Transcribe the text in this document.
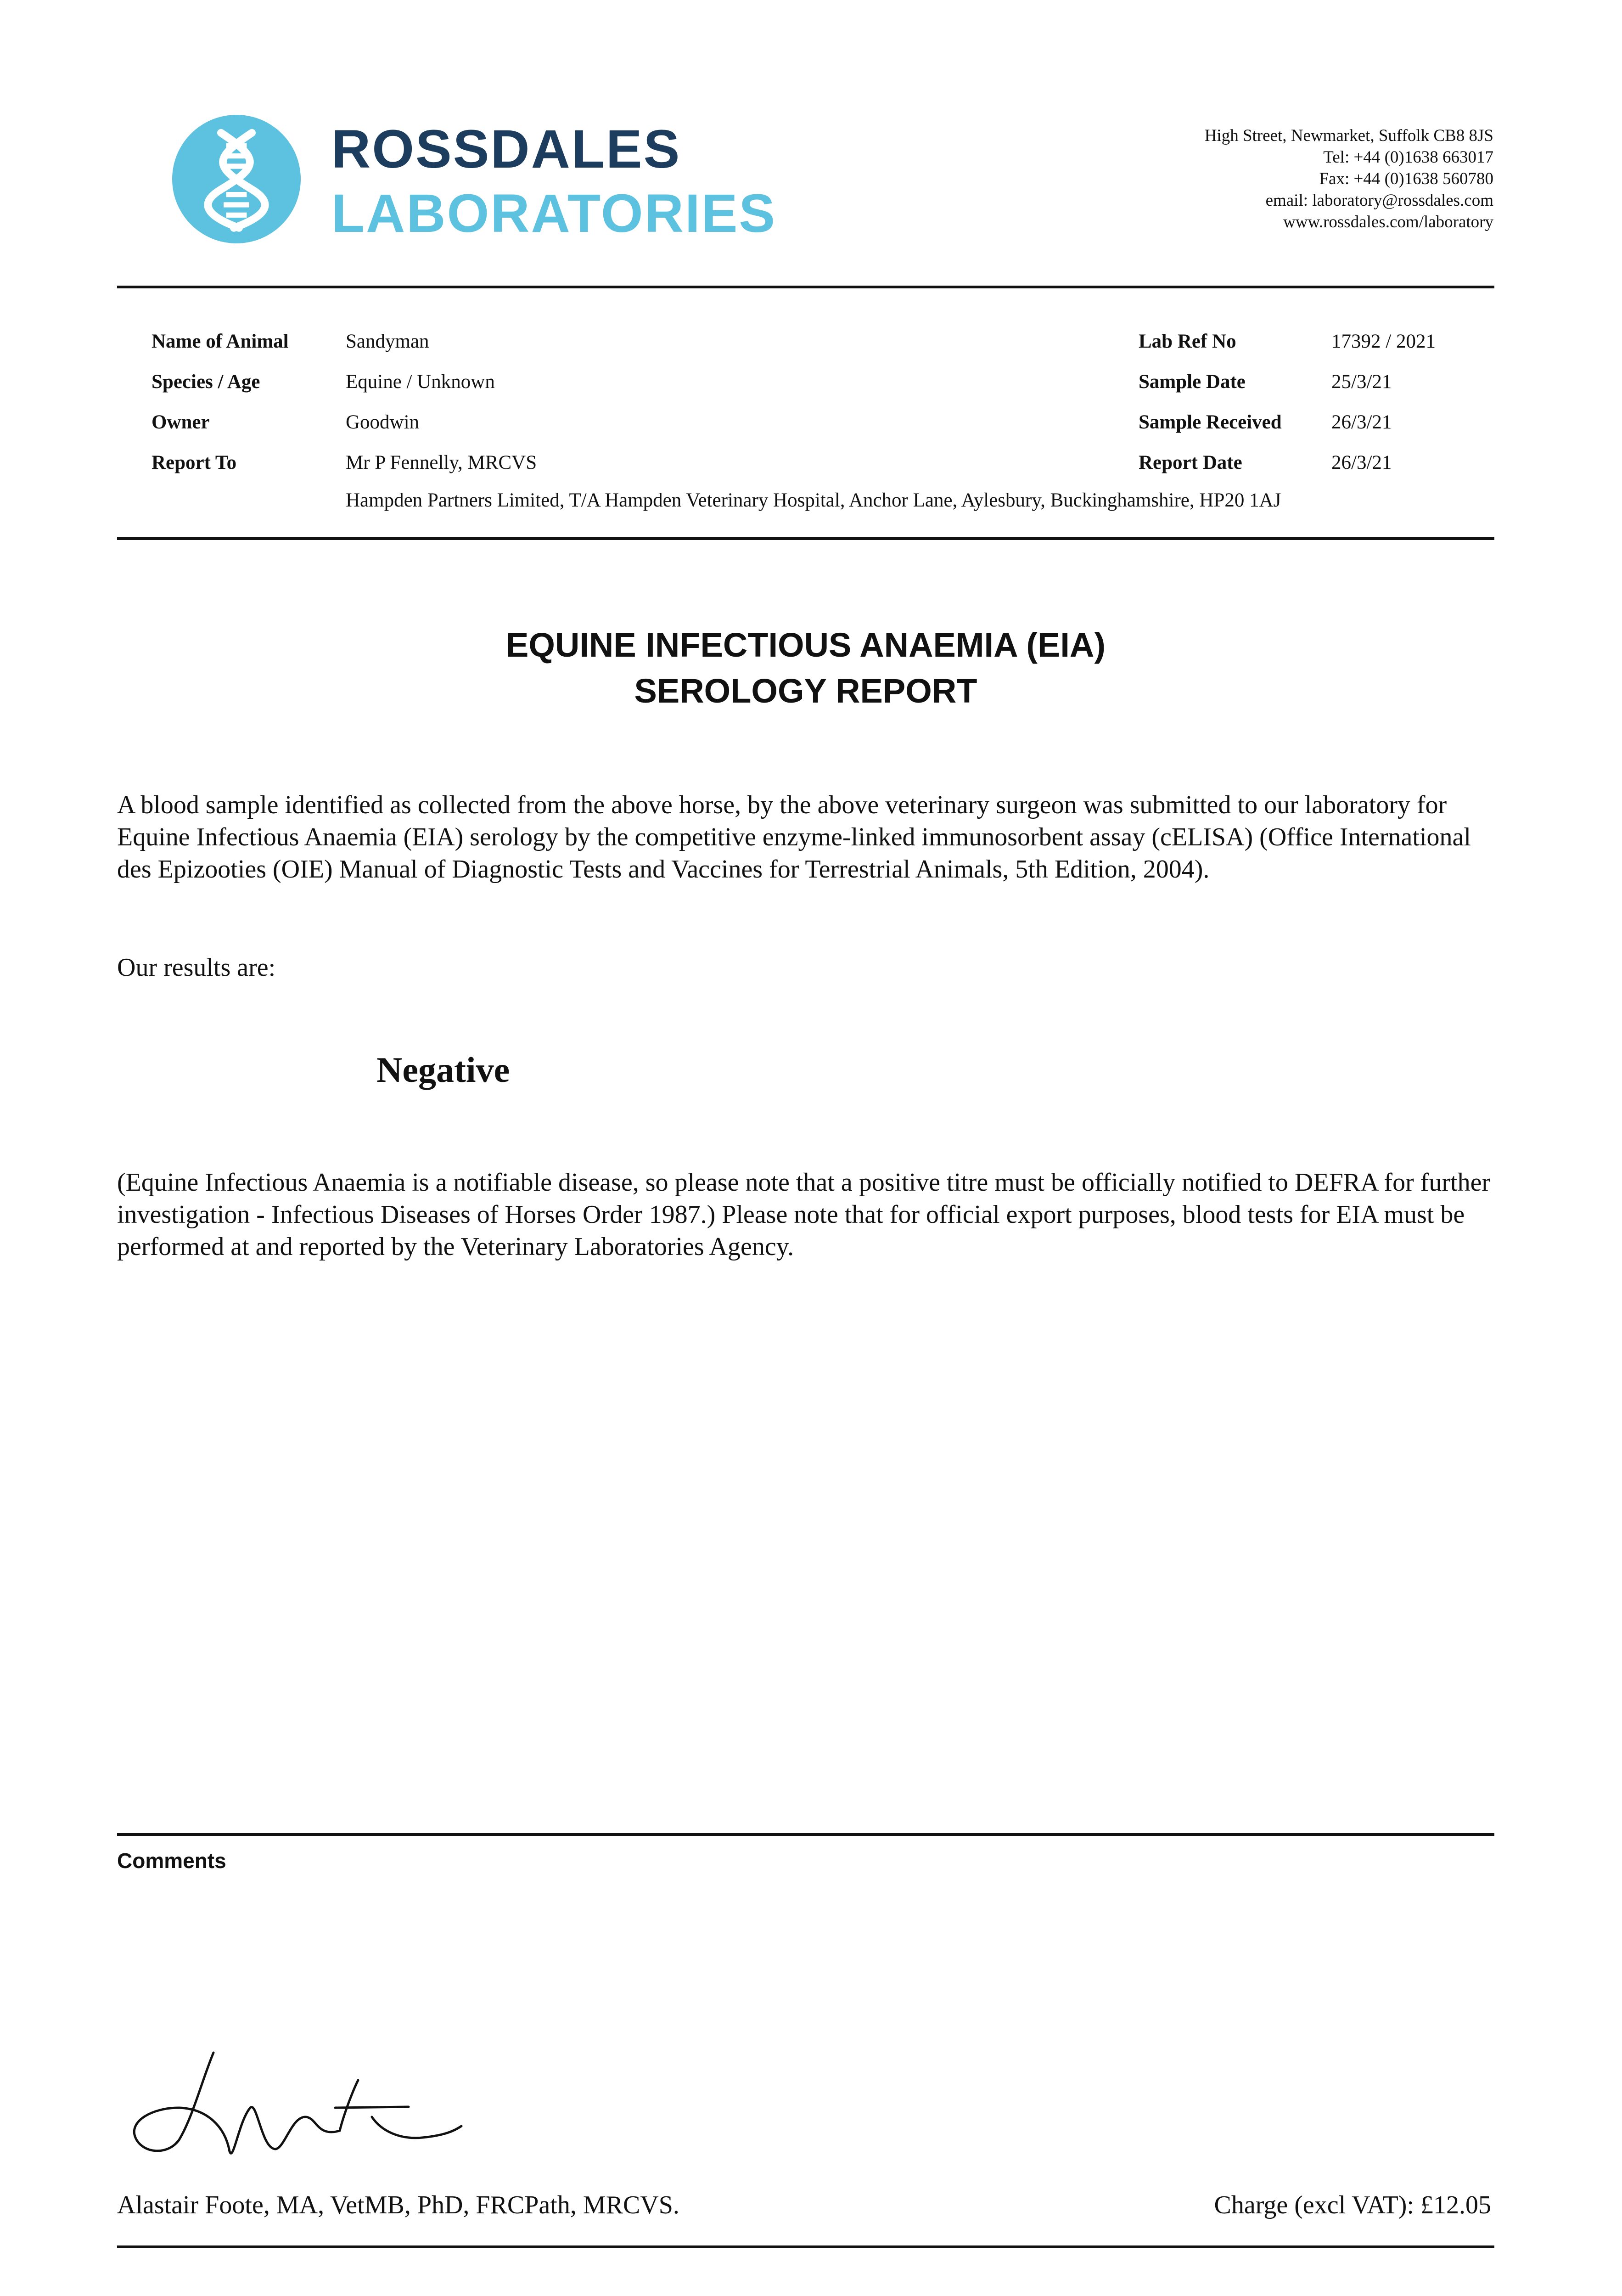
ROSSDALES
LABORATORIES
High Street, Newmarket, Suffolk CB8 8JS
Tel: +44 (0)1638 663017
Fax: +44 (0)1638 560780
email: laboratory@rossdales.com
www.rossdales.com/laboratory
Name of Animal	Sandyman	Lab Ref No	17392 / 2021
Species / Age	Equine / Unknown	Sample Date	25/3/21
Owner	Goodwin	Sample Received	26/3/21
Report To	Mr P Fennelly, MRCVS	Report Date	26/3/21
Hampden Partners Limited, T/A Hampden Veterinary Hospital, Anchor Lane, Aylesbury, Buckinghamshire, HP20 1AJ
EQUINE INFECTIOUS ANAEMIA (EIA)
SEROLOGY REPORT
A blood sample identified as collected from the above horse, by the above veterinary surgeon was submitted to our laboratory for Equine Infectious Anaemia (EIA) serology by the competitive enzyme-linked immunosorbent assay (cELISA) (Office International des Epizooties (OIE) Manual of Diagnostic Tests and Vaccines for Terrestrial Animals, 5th Edition, 2004).
Our results are:
Negative
(Equine Infectious Anaemia is a notifiable disease, so please note that a positive titre must be officially notified to DEFRA for further investigation - Infectious Diseases of Horses Order 1987.) Please note that for official export purposes, blood tests for EIA must be performed at and reported by the Veterinary Laboratories Agency.
Comments
Alastair Foote, MA, VetMB, PhD, FRCPath, MRCVS.	Charge (excl VAT): £12.05
